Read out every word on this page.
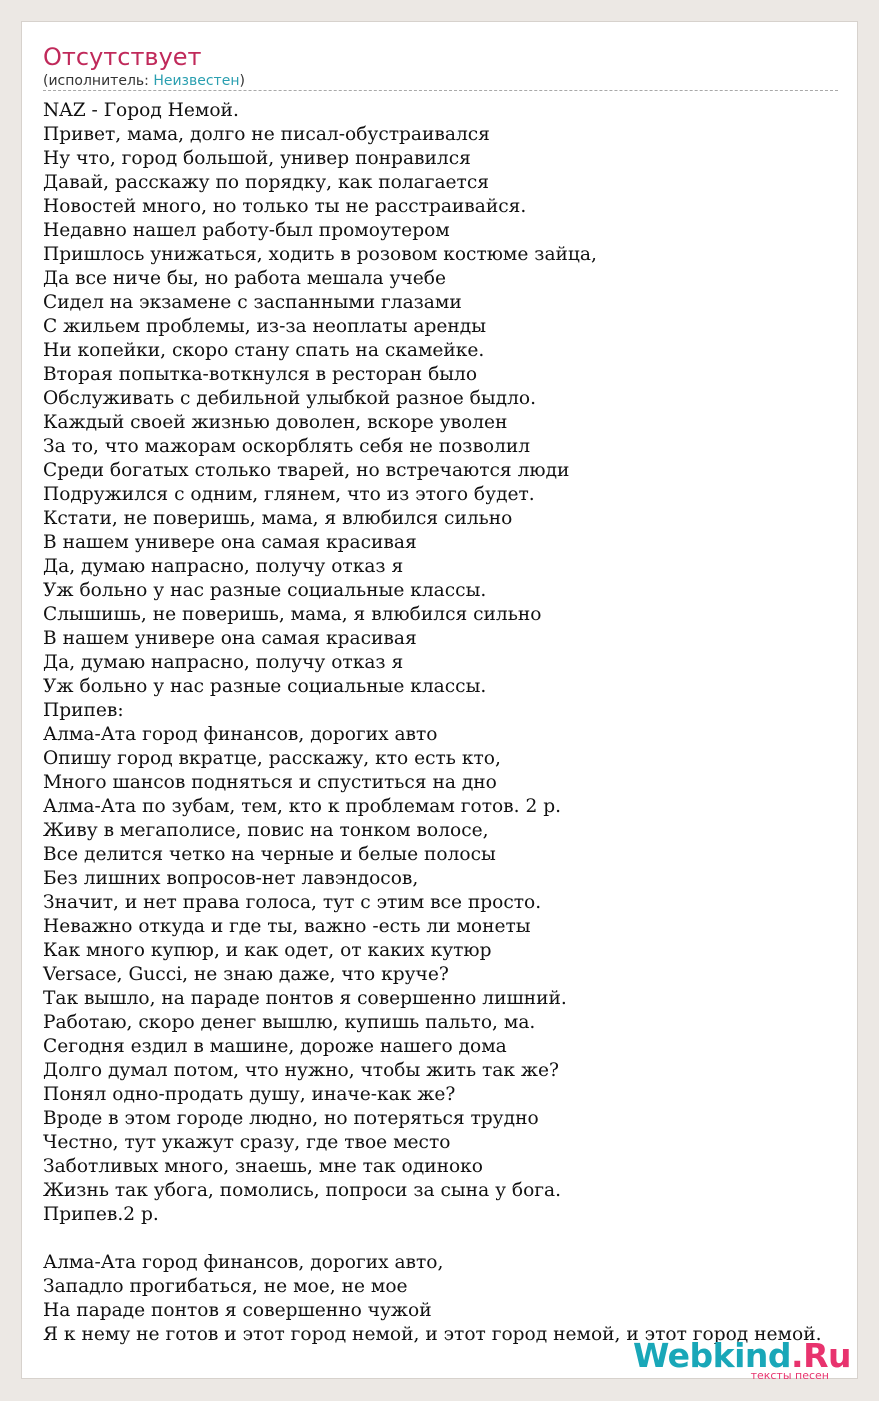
Отсутствует
(исполнитель: Неизвестен)
NAZ - Город Немой.
Привет, мама, долго не писал-обустраивался
Ну что, город большой, универ понравился
Давай, расскажу по порядку, как полагается
Новостей много, но только ты не расстраивайся.
Недавно нашел работу-был промоутером
Пришлось унижаться, ходить в розовом костюме зайца,
Да все ниче бы, но работа мешала учебе
Сидел на экзамене с заспанными глазами
С жильем проблемы, из-за неоплаты аренды
Ни копейки, скоро стану спать на скамейке.
Вторая попытка-воткнулся в ресторан было
Обслуживать с дебильной улыбкой разное быдло.
Каждый своей жизнью доволен, вскоре уволен
За то, что мажорам оскорблять себя не позволил
Среди богатых столько тварей, но встречаются люди
Подружился с одним, глянем, что из этого будет.
Кстати, не поверишь, мама, я влюбился сильно
В нашем универе она самая красивая
Да, думаю напрасно, получу отказ я
Уж больно у нас разные социальные классы.
Слышишь, не поверишь, мама, я влюбился сильно
В нашем универе она самая красивая
Да, думаю напрасно, получу отказ я
Уж больно у нас разные социальные классы.
Припев:
Алма-Ата город финансов, дорогих авто
Опишу город вкратце, расскажу, кто есть кто,
Много шансов подняться и спуститься на дно
Алма-Ата по зубам, тем, кто к проблемам готов. 2 р.
Живу в мегаполисе, повис на тонком волосе,
Все делится четко на черные и белые полосы
Без лишних вопросов-нет лавэндосов,
Значит, и нет права голоса, тут с этим все просто.
Неважно откуда и где ты, важно -есть ли монеты
Как много купюр, и как одет, от каких кутюр
Versace, Gucci, не знаю даже, что круче?
Так вышло, на параде понтов я совершенно лишний.
Работаю, скоро денег вышлю, купишь пальто, ма.
Сегодня ездил в машине, дороже нашего дома
Долго думал потом, что нужно, чтобы жить так же?
Понял одно-продать душу, иначе-как же?
Вроде в этом городе людно, но потеряться трудно
Честно, тут укажут сразу, где твое место
Заботливых много, знаешь, мне так одиноко
Жизнь так убога, помолись, попроси за сына у бога.
Припев.2 р.
Алма-Ата город финансов, дорогих авто,
Западло прогибаться, не мое, не мое
На параде понтов я совершенно чужой
Я к нему не готов и этот город немой, и этот город немой, и этот город немой.
Webkind.Ru
тексты песен
